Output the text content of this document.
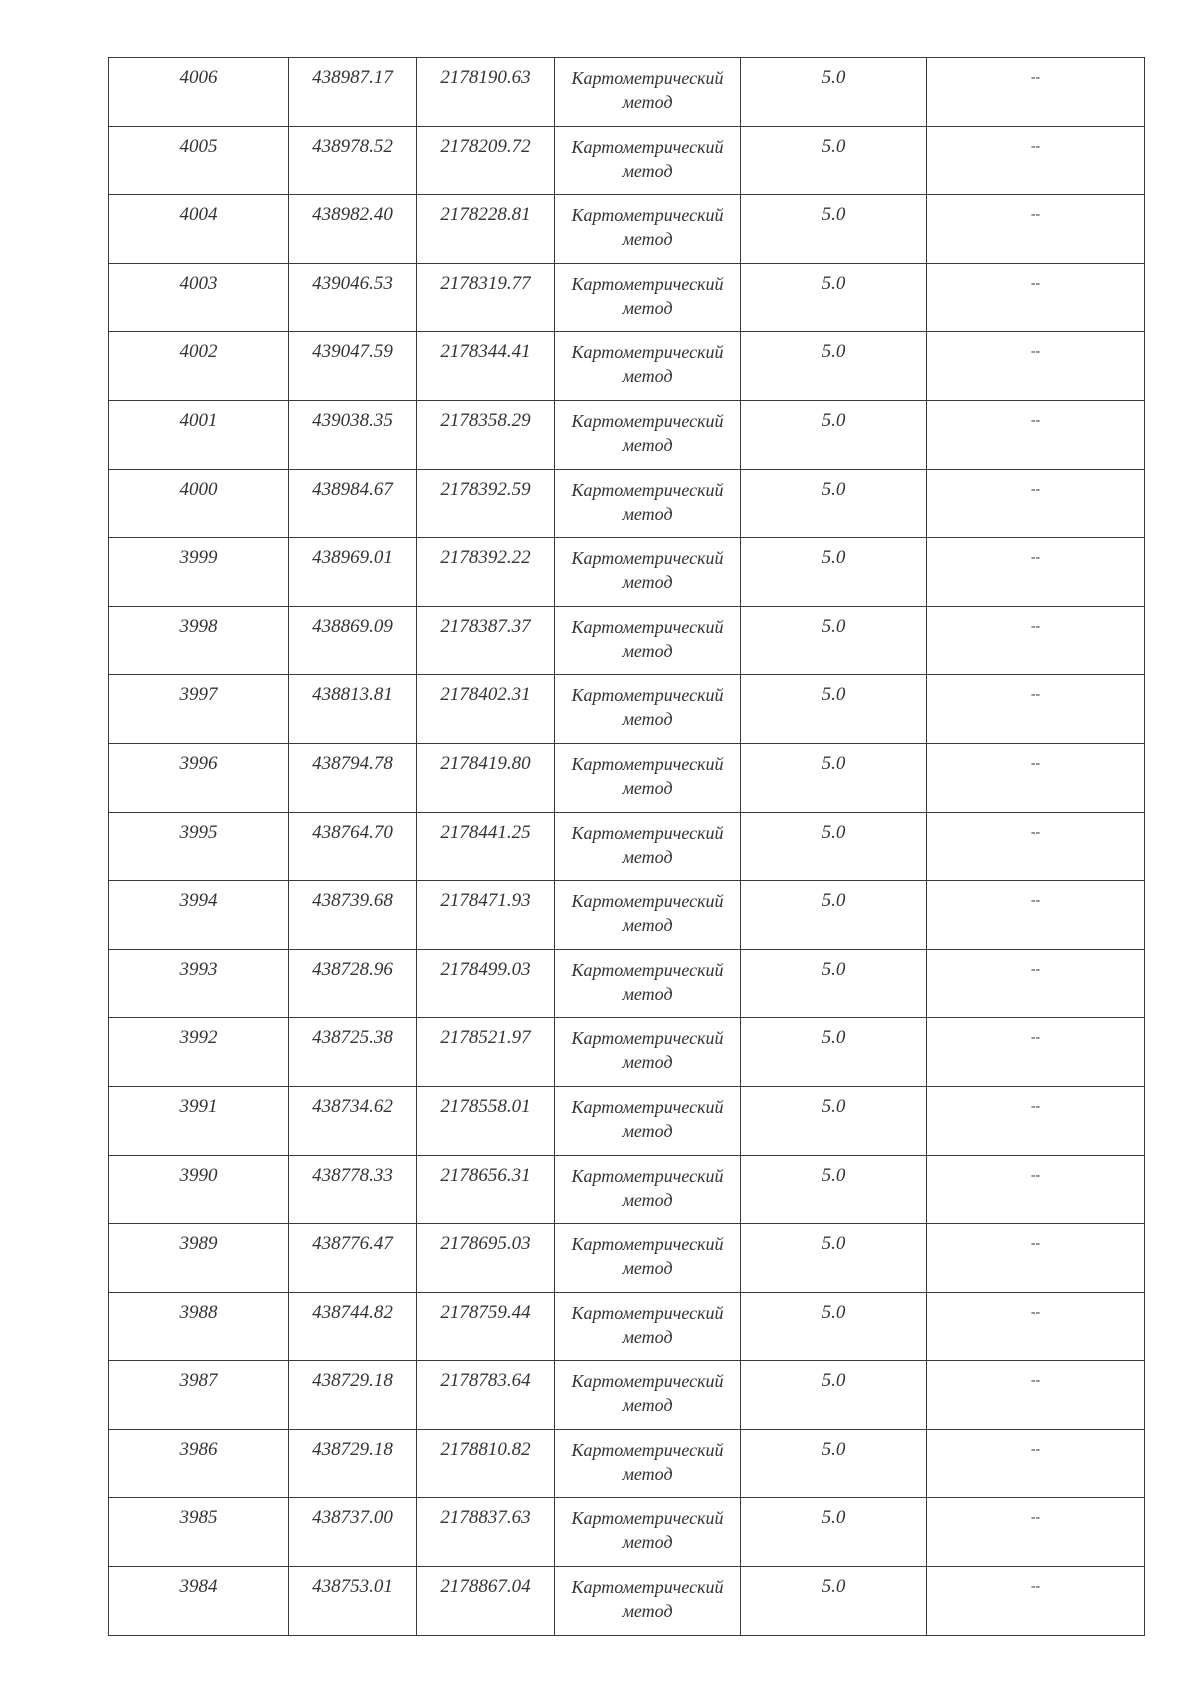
4006	438987.17	2178190.63	Картометрический
метод	5.0	--

4005	438978.52	2178209.72	Картометрический
метод	5.0	--

4004	438982.40	2178228.81	Картометрический
метод	5.0	--

4003	439046.53	2178319.77	Картометрический
метод	5.0	--

4002	439047.59	2178344.41	Картометрический
метод	5.0	--

4001	439038.35	2178358.29	Картометрический
метод	5.0	--

4000	438984.67	2178392.59	Картометрический
метод	5.0	--

3999	438969.01	2178392.22	Картометрический
метод	5.0	--

3998	438869.09	2178387.37	Картометрический
метод	5.0	--

3997	438813.81	2178402.31	Картометрический
метод	5.0	--

3996	438794.78	2178419.80	Картометрический
метод	5.0	--

3995	438764.70	2178441.25	Картометрический
метод	5.0	--

3994	438739.68	2178471.93	Картометрический
метод	5.0	--

3993	438728.96	2178499.03	Картометрический
метод	5.0	--

3992	438725.38	2178521.97	Картометрический
метод	5.0	--

3991	438734.62	2178558.01	Картометрический
метод	5.0	--

3990	438778.33	2178656.31	Картометрический
метод	5.0	--

3989	438776.47	2178695.03	Картометрический
метод	5.0	--

3988	438744.82	2178759.44	Картометрический
метод	5.0	--

3987	438729.18	2178783.64	Картометрический
метод	5.0	--

3986	438729.18	2178810.82	Картометрический
метод	5.0	--

3985	438737.00	2178837.63	Картометрический
метод	5.0	--

3984	438753.01	2178867.04	Картометрический
метод	5.0	--
